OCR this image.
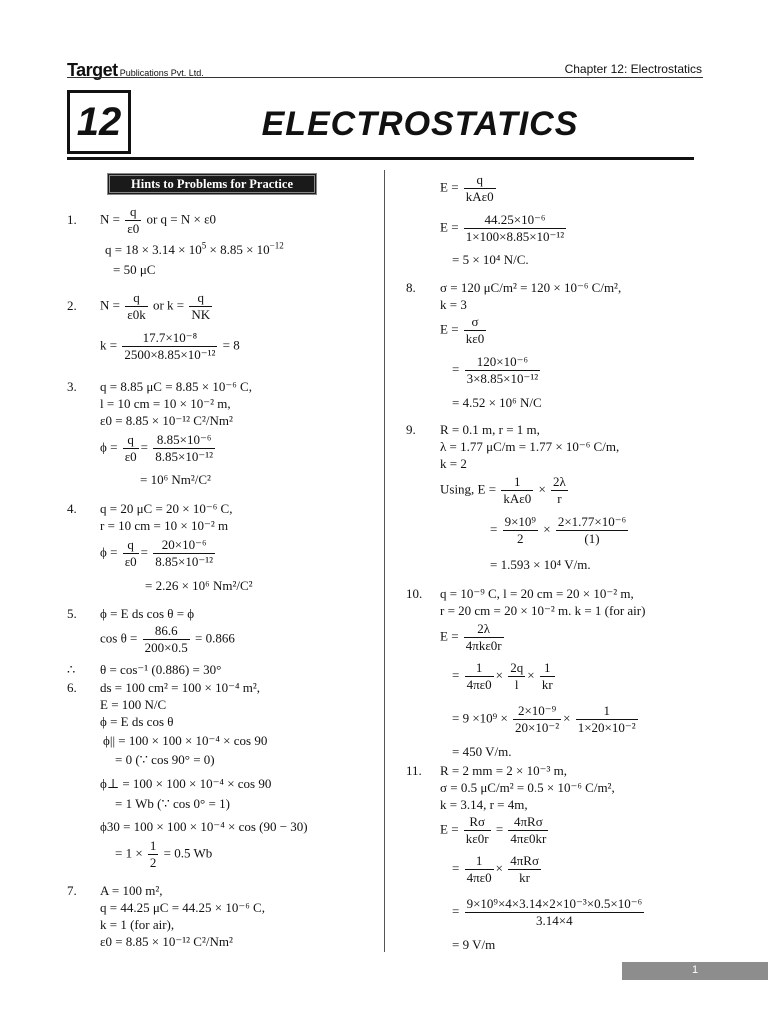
Target Publications Pvt. Ltd.	Chapter 12: Electrostatics
12	ELECTROSTATICS
Hints to Problems for Practice
1. $N = \frac{q}{\varepsilon 0}$ or q = N × ε0
$q = 18 \times 3.14 \times 10^5 \times 8.85 \times 10^{-12}$
= 50 μC
2. $N = \frac{q}{\varepsilon 0k}$ or $k = \frac{q}{NK}$
$k = \frac{\text{17.7×10⁻⁸}}{\text{2500×8.85×10⁻¹²}} = 8$
3. q = 8.85 μC = 8.85 × 10⁻⁶ C,
l = 10 cm = 10 × 10⁻² m,
ε0 = 8.85 × 10⁻¹² C²/Nm²
$\phi = \frac{q}{\varepsilon 0} = \frac{\text{8.85×10⁻⁶}}{\text{8.85×10⁻¹²}}$
= 10⁶ Nm²/C²
4. q = 20 μC = 20 × 10⁻⁶ C,
r = 10 cm = 10 × 10⁻² m
$\phi = \frac{q}{\varepsilon 0} = \frac{\text{20×10⁻⁶}}{\text{8.85×10⁻¹²}}$
= 2.26 × 10⁶ Nm²/C²
5. ϕ = E ds cos θ = ϕ
$\cos \theta = \frac{86.6}{200\times 0.5} = 0.866$
∴ θ = cos⁻¹ (0.886) = 30°
6. ds = 100 cm² = 100 × 10⁻⁴ m²,
E = 100 N/C
ϕ = E ds cos θ
ϕ|| = 100 × 100 × 10⁻⁴ × cos 90
= 0 (∵ cos 90° = 0)
ϕ⊥ = 100 × 100 × 10⁻⁴ × cos 90
= 1 Wb (∵ cos 0° = 1)
ϕ30 = 100 × 100 × 10⁻⁴ × cos (90 − 30)
= $1 \times \frac{1}{2} = 0.5$ Wb
7. A = 100 m²,
q = 44.25 μC = 44.25 × 10⁻⁶ C,
k = 1 (for air),
ε0 = 8.85 × 10⁻¹² C²/Nm²
$E = \frac{q}{\text{kAε0}}$
$E = \frac{\text{44.25×10⁻⁶}}{\text{1×100×8.85×10⁻¹²}}$
= 5 × 10⁴ N/C.
8. σ = 120 μC/m² = 120 × 10⁻⁶ C/m²,
k = 3
$E = \frac{\sigma}{k\varepsilon 0}$
= $\frac{\text{120×10⁻⁶}}{\text{3×8.85×10⁻¹²}}$
= 4.52 × 10⁶ N/C
9. R = 0.1 m, r = 1 m,
λ = 1.77 μC/m = 1.77 × 10⁻⁶ C/m,
k = 2
Using, $E = \frac{1}{\text{kAε0}} \times \frac{2\lambda}{r}$
= $\frac{\text{9×10⁹}}{2} \times \frac{\text{2×1.77×10⁻⁶}}{(1)}$
= 1.593 × 10⁴ V/m.
10. q = 10⁻⁹ C, l = 20 cm = 20 × 10⁻² m,
r = 20 cm = 20 × 10⁻² m. k = 1 (for air)
$E = \frac{2\lambda}{\text{4πkε0r}}$
= $\frac{1}{4\pi\varepsilon 0} \times \frac{2q}{l} \times \frac{1}{kr}$
= $9 \times 10^9 \times \frac{\text{2×10⁻⁹}}{\text{20×10⁻²}} \times \frac{1}{\text{1×20×10⁻²}}$
= 450 V/m.
11. R = 2 mm = 2 × 10⁻³ m,
σ = 0.5 μC/m² = 0.5 × 10⁻⁶ C/m²,
k = 3.14, r = 4m,
$E = \frac{R\sigma}{k\varepsilon 0r} = \frac{\text{4πRσ}}{4\pi\varepsilon 0kr}$
= $\frac{1}{4\pi\varepsilon 0} \times \frac{\text{4πRσ}}{kr}$
= $\frac{\text{9×10⁹×4×3.14×2×10⁻³×0.5×10⁻⁶}}{3.14\times 4}$
= 9 V/m
1
